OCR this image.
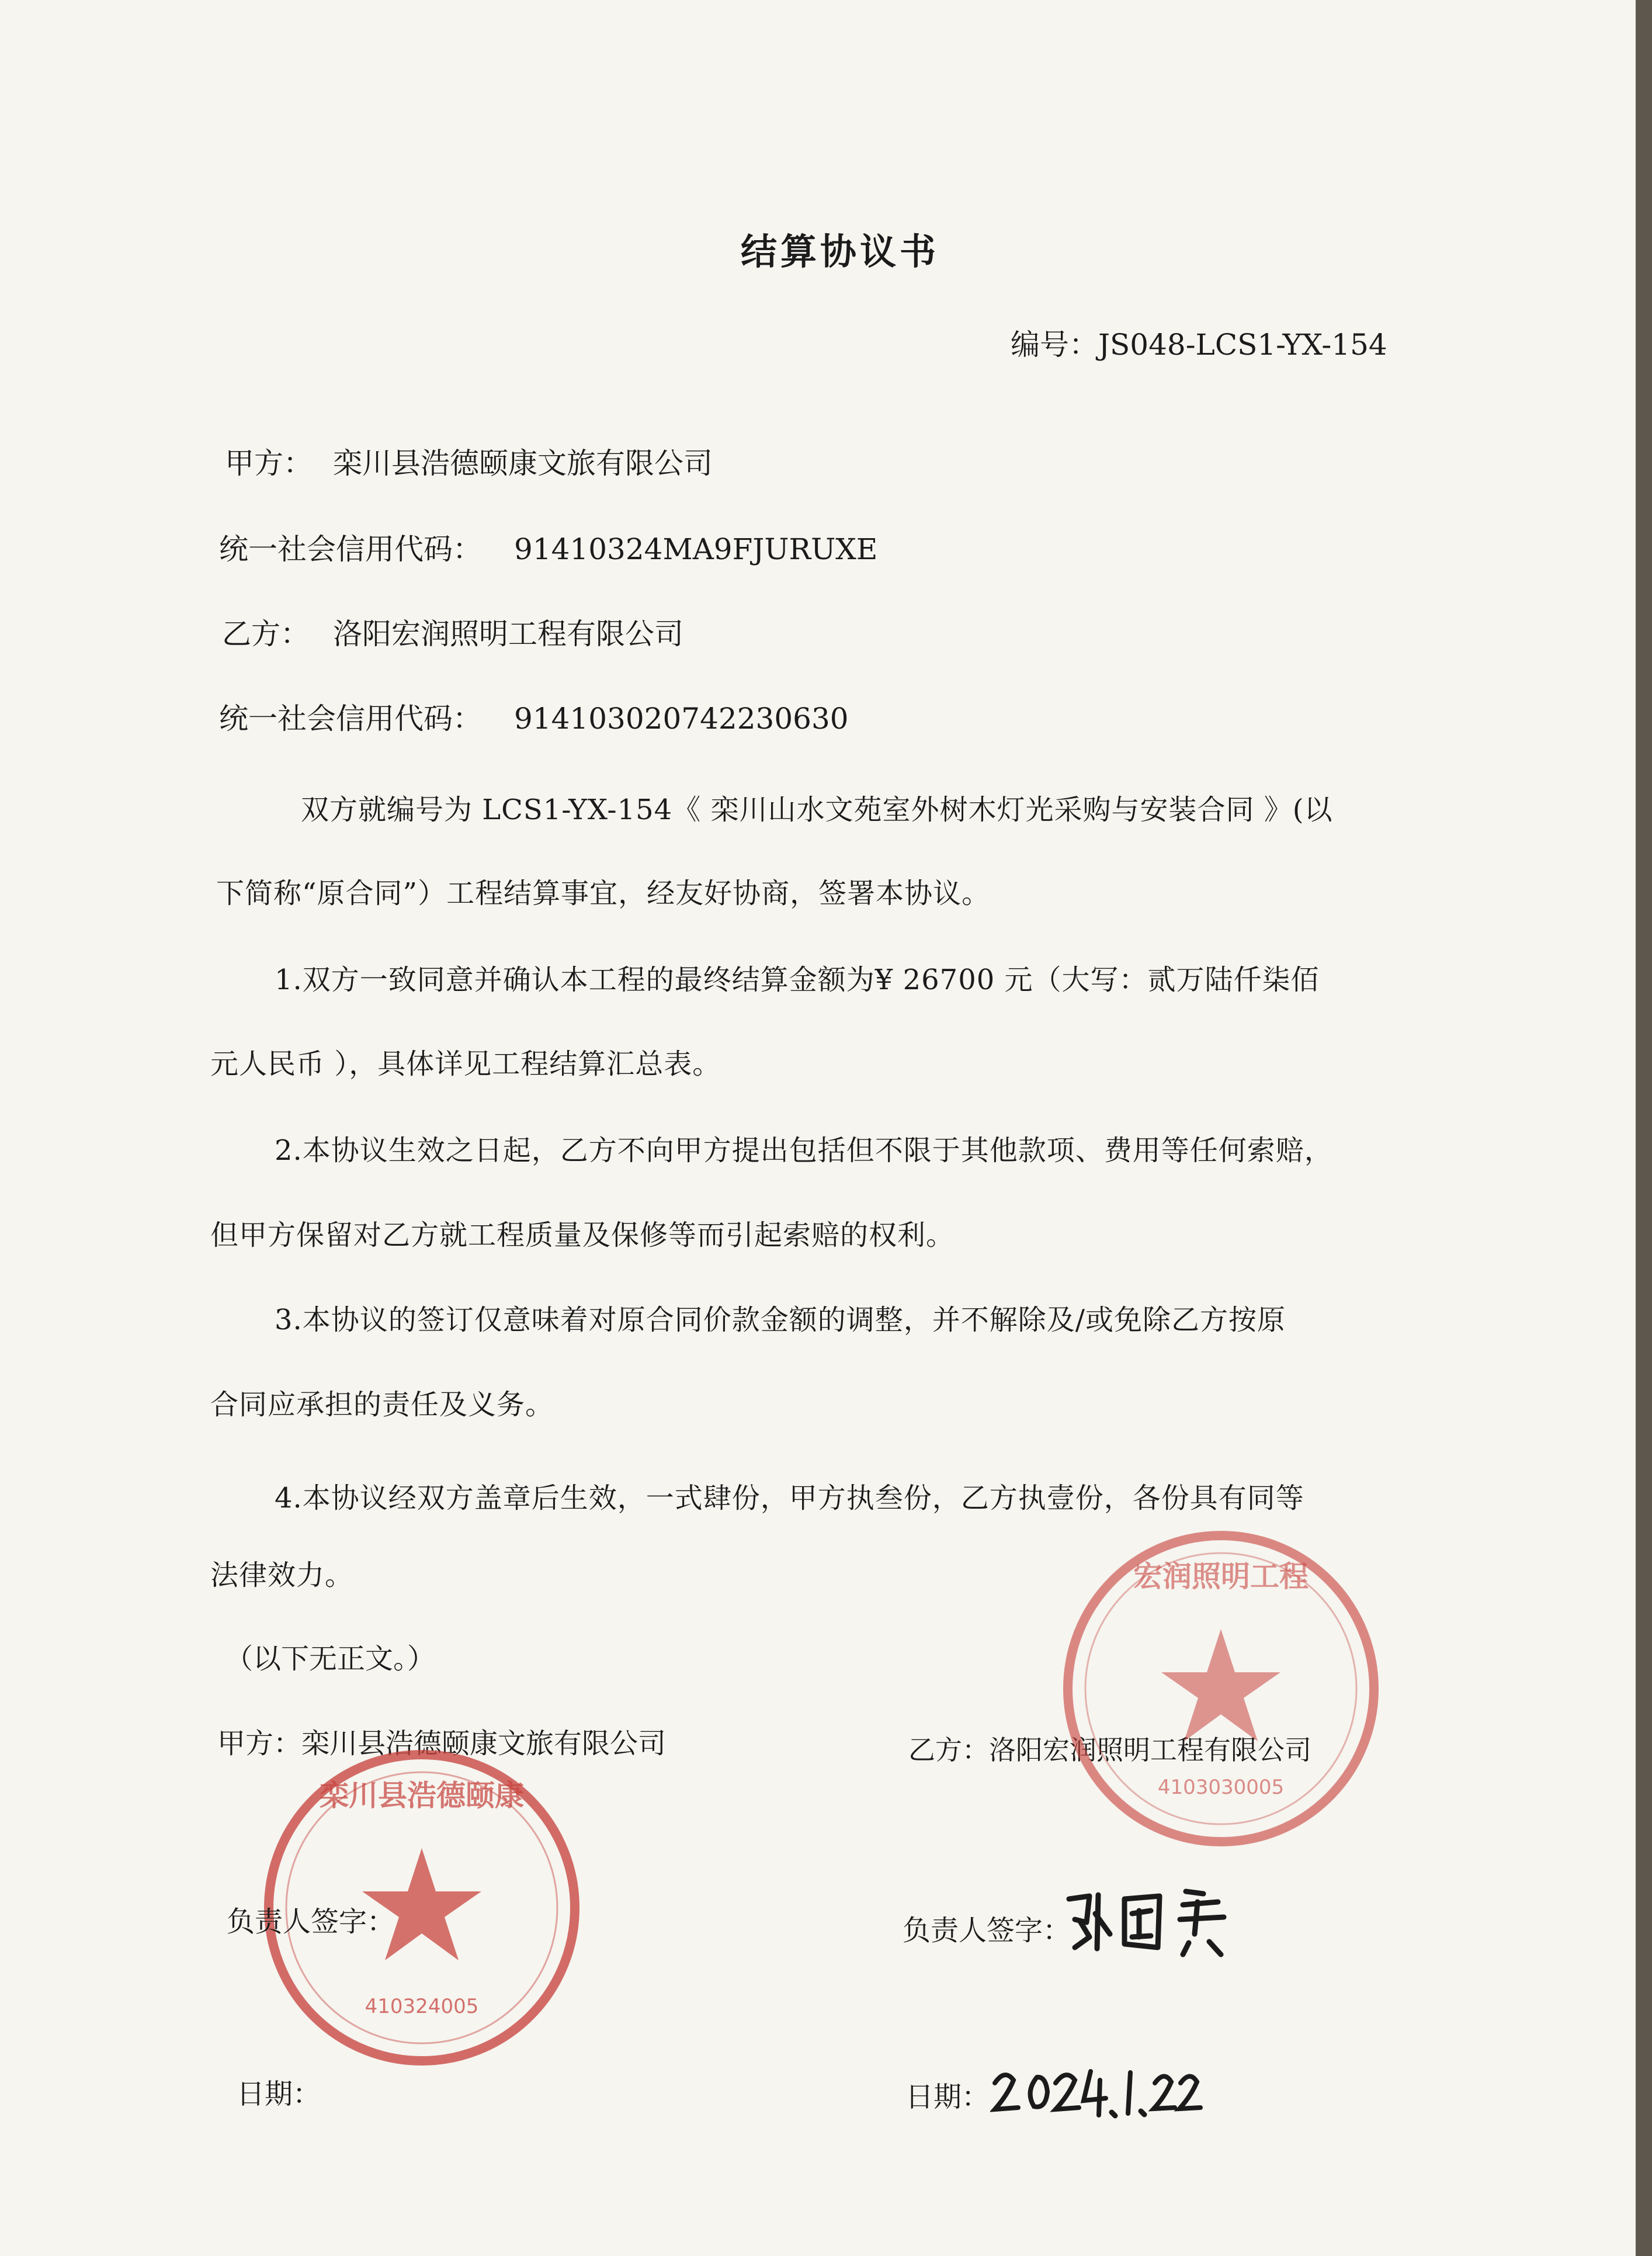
结算协议书
编号：JS048-LCS1-YX-154
甲方： 栾川县浩德颐康文旅有限公司
统一社会信用代码： 91410324MA9FJURUXE
乙方： 洛阳宏润照明工程有限公司
统一社会信用代码： 914103020742230630
双方就编号为 LCS1-YX-154《 栾川山水文苑室外树木灯光采购与安装合同 》(以
下简称“原合同”）工程结算事宜，经友好协商，签署本协议。
1.双方一致同意并确认本工程的最终结算金额为¥ 26700 元（大写：贰万陆仟柒佰
元人民币 ），具体详见工程结算汇总表。
2.本协议生效之日起，乙方不向甲方提出包括但不限于其他款项、费用等任何索赔，
但甲方保留对乙方就工程质量及保修等而引起索赔的权利。
3.本协议的签订仅意味着对原合同价款金额的调整，并不解除及/或免除乙方按原
合同应承担的责任及义务。
4.本协议经双方盖章后生效，一式肆份，甲方执叁份，乙方执壹份，各份具有同等
法律效力。
（以下无正文。）
甲方：栾川县浩德颐康文旅有限公司	乙方：洛阳宏润照明工程有限公司
410324005
栾川县浩德颐康	4103030005
宏润照明工程
负责人签字：	负责人签字：
日期：	日期：
